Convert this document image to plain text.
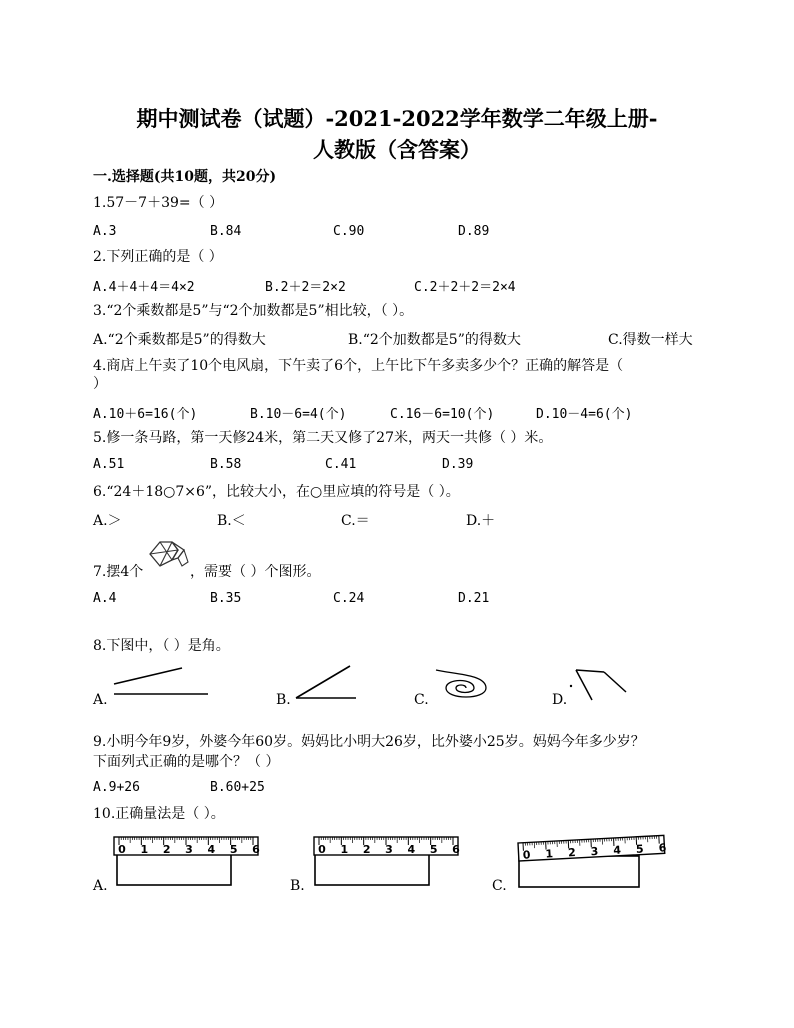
期中测试卷（试题）-2021-2022学年数学二年级上册-
人教版（含答案）
一.选择题(共10题，共20分)
1.57－7＋39=（ ）
A.3	B.84	C.90	D.89
2.下列正确的是（ ）
A.4＋4＋4＝4×2	B.2＋2＝2×2	C.2＋2＋2＝2×4
3.“2个乘数都是5”与“2个加数都是5”相比较，（ ）。
A.“2个乘数都是5”的得数大	B.“2个加数都是5”的得数大	C.得数一样大
4.商店上午卖了10个电风扇，下午卖了6个，上午比下午多卖多少个？正确的解答是（
）
A.10＋6=16(个)	B.10－6=4(个)	C.16－6=10(个)	D.10－4=6(个)
5.修一条马路，第一天修24米，第二天又修了27米，两天一共修（ ）米。
A.51	B.58	C.41	D.39
6.“24＋18○7×6”，比较大小，在○里应填的符号是（ ）。
A.＞	B.＜	C.＝	D.＋
7.摆4个	，需要（ ）个图形。
A.4	B.35	C.24	D.21
8.下图中，（ ）是角。
A.	B.	C.	D.
9.小明今年9岁，外婆今年60岁。妈妈比小明大26岁，比外婆小25岁。妈妈今年多少岁？
下面列式正确的是哪个？（ ）
A.9+26	B.60+25
10.正确量法是（ ）。
A.
0 1 2 3 4 5 6
B.
0 1 2 3 4 5 6
C.
0 1 2 3 4 5 6
